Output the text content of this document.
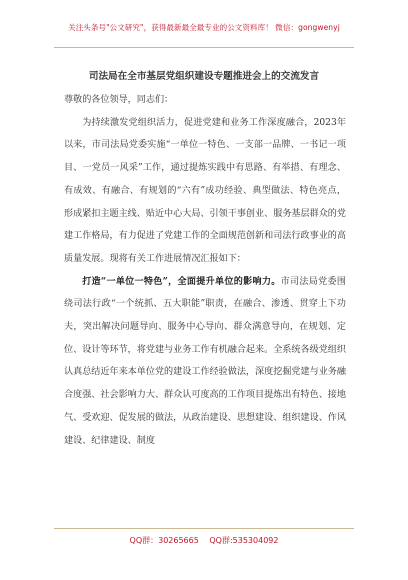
关注头条号"公文研究"，获得最新最全最专业的公文资料库！ 微信：gongwenyj
司法局在全市基层党组织建设专题推进会上的交流发言

尊敬的各位领导，同志们：

为持续激发党组织活力，促进党建和业务工作深度融合，2023年以来，市司法局党委实施“一单位一特色、一支部一品牌、一书记一项目、一党员一风采”工作，通过提炼实践中有思路、有举措、有理念、有成效、有融合、有规划的“六有”成功经验、典型做法、特色亮点，形成紧扣主题主线、贴近中心大局、引领干事创业、服务基层群众的党建工作格局，有力促进了党建工作的全面规范创新和司法行政事业的高质量发展。现将有关工作进展情况汇报如下：

打造“一单位一特色”，全面提升单位的影响力。市司法局党委围绕司法行政“一个统抓、五大职能”职责，在融合、渗透、贯穿上下功夫，突出解决问题导向、服务中心导向、群众满意导向，在规划、定位、设计等环节，将党建与业务工作有机融合起来。全系统各级党组织认真总结近年来本单位党的建设工作经验做法，深度挖掘党建与业务融合度强、社会影响力大、群众认可度高的工作项目提炼出有特色、接地气、受欢迎、促发展的做法，从政治建设、思想建设、组织建设、作风建设、纪律建设、制度

QQ群：30265665 QQ群:535304092
